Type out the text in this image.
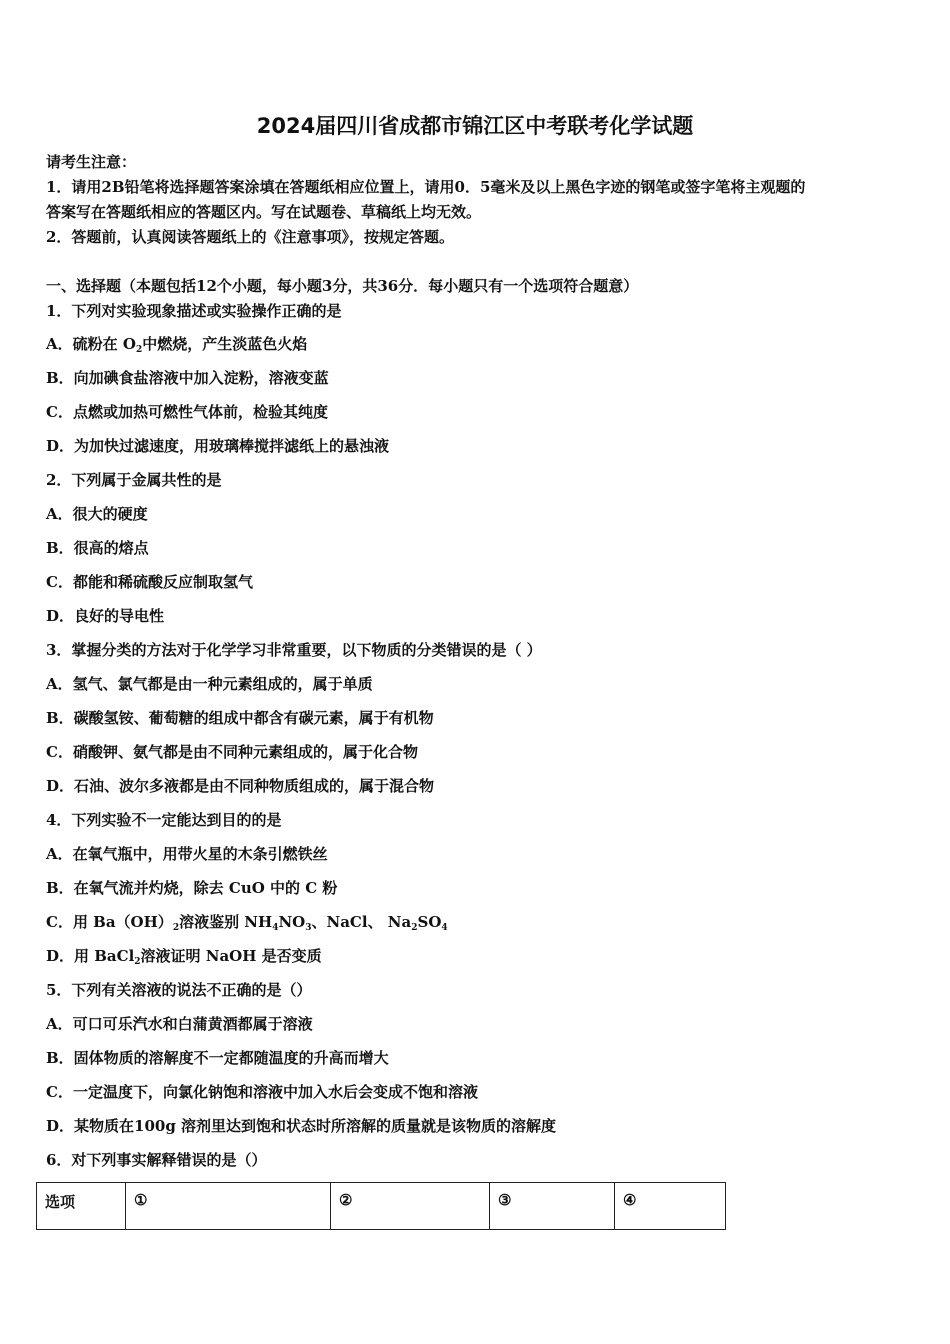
2024届四川省成都市锦江区中考联考化学试题
请考生注意：
1．请用2B铅笔将选择题答案涂填在答题纸相应位置上，请用0．5毫米及以上黑色字迹的钢笔或签字笔将主观题的
答案写在答题纸相应的答题区内。写在试题卷、草稿纸上均无效。
2．答题前，认真阅读答题纸上的《注意事项》，按规定答题。
一、选择题（本题包括12个小题，每小题3分，共36分．每小题只有一个选项符合题意）
1．下列对实验现象描述或实验操作正确的是
A．硫粉在 $O_2$中燃烧，产生淡蓝色火焰
B．向加碘食盐溶液中加入淀粉，溶液变蓝
C．点燃或加热可燃性气体前，检验其纯度
D．为加快过滤速度，用玻璃棒搅拌滤纸上的悬浊液
2．下列属于金属共性的是
A．很大的硬度
B．很高的熔点
C．都能和稀硫酸反应制取氢气
D．良好的导电性
3．掌握分类的方法对于化学学习非常重要，以下物质的分类错误的是（ ）
A．氢气、氯气都是由一种元素组成的，属于单质
B．碳酸氢铵、葡萄糖的组成中都含有碳元素，属于有机物
C．硝酸钾、氨气都是由不同种元素组成的，属于化合物
D．石油、波尔多液都是由不同种物质组成的，属于混合物
4．下列实验不一定能达到目的的是
A．在氧气瓶中，用带火星的木条引燃铁丝
B．在氧气流并灼烧，除去 CuO 中的 C 粉
C．用 $Ba(OH)_2$溶液鉴别 $NH_4NO_3$、NaCl、 $Na_2SO_4$
D．用 BaCl$_2$溶液证明 NaOH 是否变质
5．下列有关溶液的说法不正确的是（）
A．可口可乐汽水和白蒲黄酒都属于溶液
B．固体物质的溶解度不一定都随温度的升高而增大
C．一定温度下，向氯化钠饱和溶液中加入水后会变成不饱和溶液
D．某物质在100g 溶剂里达到饱和状态时所溶解的质量就是该物质的溶解度
6．对下列事实解释错误的是（）
选项	①	②	③	④
